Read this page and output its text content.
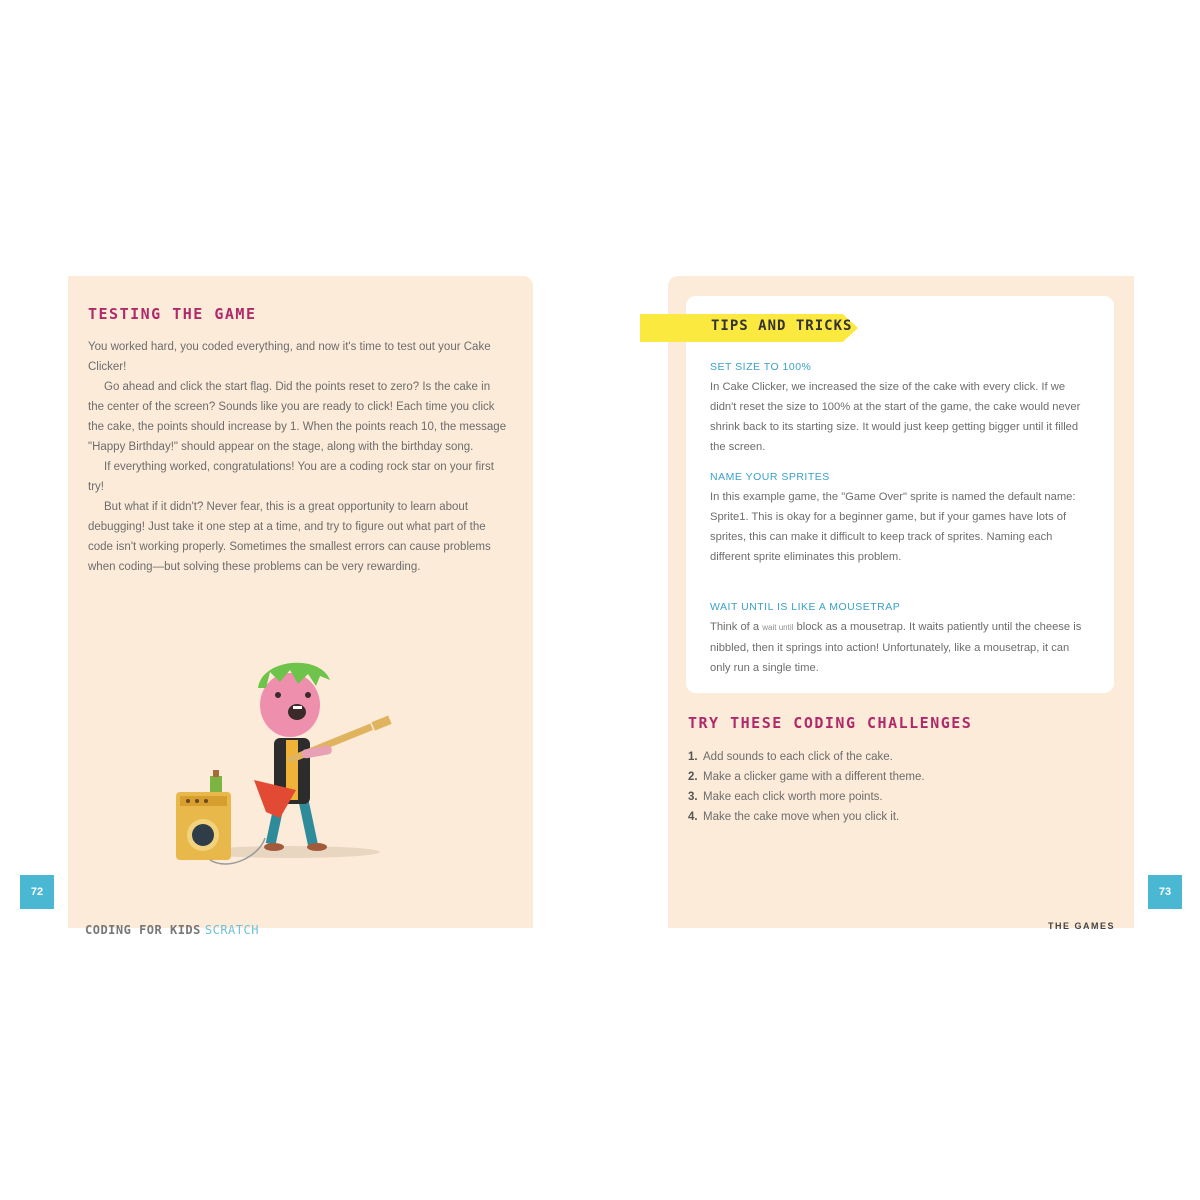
TESTING THE GAME

You worked hard, you coded everything, and now it's time to test out your Cake Clicker!

Go ahead and click the start flag. Did the points reset to zero? Is the cake in the center of the screen? Sounds like you are ready to click! Each time you click the cake, the points should increase by 1. When the points reach 10, the message "Happy Birthday!" should appear on the stage, along with the birthday song.

If everything worked, congratulations! You are a coding rock star on your first try!

But what if it didn't? Never fear, this is a great opportunity to learn about debugging! Just take it one step at a time, and try to figure out what part of the code isn't working properly. Sometimes the smallest errors can cause problems when coding—but solving these problems can be very rewarding.

72

CODING FOR KIDS SCRATCH

TIPS AND TRICKS

SET SIZE TO 100%

In Cake Clicker, we increased the size of the cake with every click. If we didn't reset the size to 100% at the start of the game, the cake would never shrink back to its starting size. It would just keep getting bigger until it filled the screen.

NAME YOUR SPRITES

In this example game, the "Game Over" sprite is named the default name: Sprite1. This is okay for a beginner game, but if your games have lots of sprites, this can make it difficult to keep track of sprites. Naming each different sprite eliminates this problem.

WAIT UNTIL IS LIKE A MOUSETRAP

Think of a wait until block as a mousetrap. It waits patiently until the cheese is nibbled, then it springs into action! Unfortunately, like a mousetrap, it can only run a single time.

TRY THESE CODING CHALLENGES
1. Add sounds to each click of the cake.
2. Make a clicker game with a different theme.
3. Make each click worth more points.
4. Make the cake move when you click it.
73

THE GAMES
